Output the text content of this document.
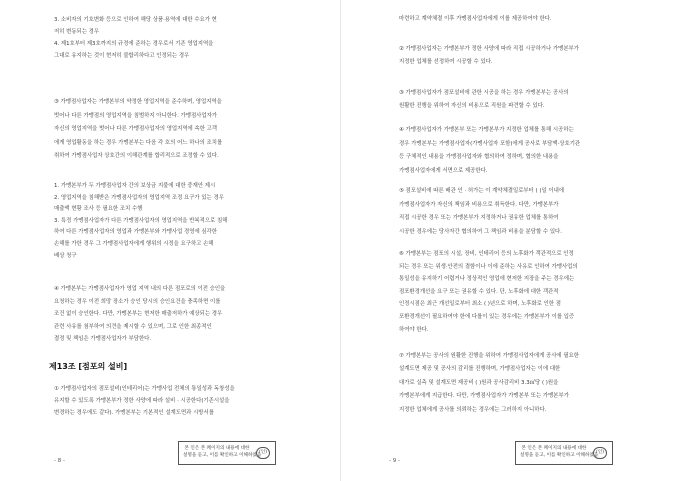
3. 소비자의 기호변화 등으로 인하여 해당 상품·용역에 대한 수요가 현
저히 변동되는 경우
4. 제1호부터 제3호까지의 규정에 준하는 경우로서 기존 영업지역을
그대로 유지하는 것이 현저히 불합리하다고 인정되는 경우
③ 가맹점사업자는 가맹본부의 약정한 영업지역을 준수하며, 영업지역을
벗어나 다른 가맹점의 영업지역을 침범하지 아니한다. 가맹점사업자가
자신의 영업지역을 벗어나 다른 가맹점사업자의 영업지역에 속한 고객
에게 영업활동을 하는 경우 가맹본부는 다음 각 호의 어느 하나의 조치를
취하여 가맹점사업자 상호간의 이해관계를 합리적으로 조정할 수 있다.
1. 가맹본부가 두 가맹점사업자 간의 보상금 지불에 대한 중재안 제시
2. 영업지역을 침해받은 가맹점사업자의 영업지역 조정 요구가 있는 경우
매출액 현황 조사 등 필요한 조치 수행
3. 특정 가맹점사업자가 다른 가맹점사업자의 영업지역을 반복적으로 침해
하여 다른 가맹점사업자의 영업과 가맹본부와 가맹사업 경영에 심각한
손해를 가한 경우 그 가맹점사업자에게 행위의 시정을 요구하고 손해
배상 청구
④ 가맹본부는 가맹점사업자가 영업 지역 내의 다른 점포로의 이전 승인을
요청하는 경우 이전 희망 장소가 승인 당시의 승인요건을 충족하면 이를
조건 없이 승인한다. 다만, 가맹본부는 현저한 매출저하가 예상되는 경우
관련 사유를 첨부하여 의견을 제시할 수 있으며, 그로 인한 최종적인
결정 및 책임은 가맹점사업자가 부담한다.
제13조 [점포의 설비]
① 가맹점사업자의 점포설비(인테리어)는 가맹사업 전체의 통일성과 독창성을
유지할 수 있도록 가맹본부가 정한 사양에 따라 설비 · 시공한다(기존시설을
변경하는 경우에도 같다). 가맹본부는 기본적인 설계도면과 시방서를
- 8 -
본 인은 본 페이지의 내용에 대한
설명을 듣고, 이를 확인하고 이해하였음
(인)
마련하고 계약체결 이후 가맹점사업자에게 이를 제공하여야 한다.
② 가맹점사업자는 가맹본부가 정한 사양에 따라 직접 시공하거나 가맹본부가
지정한 업체를 선정하여 시공할 수 있다.
③ 가맹점사업자가 점포설비에 관한 시공을 하는 경우 가맹본부는 공사의
원활한 진행을 위하여 자신의 비용으로 직원을 파견할 수 있다.
④ 가맹점사업자가 가맹본부 또는 가맹본부가 지정한 업체를 통해 시공하는
경우 가맹본부는 가맹점사업자(가맹사업자 포함)에게 공사로 부담액·상호기관
등 구체적인 내용을 가맹점사업자와 협의하여 정하며, 협의한 내용을
가맹점사업자에게 서면으로 제공한다.
⑤ 점포설비에 따른 배관 인 · 허가는 이 계약체결일로부터 ( )일 이내에
가맹점사업자가 자신의 책임과 비용으로 취득한다. 다만, 가맹본부가
직접 시공한 경우 또는 가맹본부가 지정하거나 권유한 업체를 통하여
시공한 경우에는 당사자간 협의하여 그 책임과 비용을 분담할 수 있다.
⑥ 가맹본부는 점포의 시설, 장비, 인테리어 등의 노후화가 객관적으로 인정
되는 경우 또는 위생·안전의 결함이나 이에 준하는 사유로 인하여 가맹사업의
통일성을 유지하기 어렵거나 정상적인 영업에 현저한 지장을 주는 경우에는
점포환경개선을 요구 또는 권유할 수 있다. 단, 노후화에 대한 객관적
인정시점은 최근 개선일로부터 최소 ( )년으로 하며, 노후화로 인한 점
포환경개선이 필요하여야 한에 다를이 있는 경우에는 가맹본부가 이를 입증
하여야 한다.
⑦ 가맹본부는 공사의 원활한 진행을 위하여 가맹점사업자에게 공사에 필요한
설계도면 제공 및 공사의 감리를 진행하며, 가맹점사업자는 이에 대한
대가로 실측 및 설계도면 제공비 ( )원과 공사감리비 3.3㎡당 ( )원을
가맹본부에게 지급한다. 다만, 가맹점사업자가 가맹본부 또는 가맹본부가
지정한 업체에게 공사를 의뢰하는 경우에는 그러하지 아니하다.
- 9 -
본 인은 본 페이지의 내용에 대한
설명을 듣고, 이를 확인하고 이해하였음
(인)
